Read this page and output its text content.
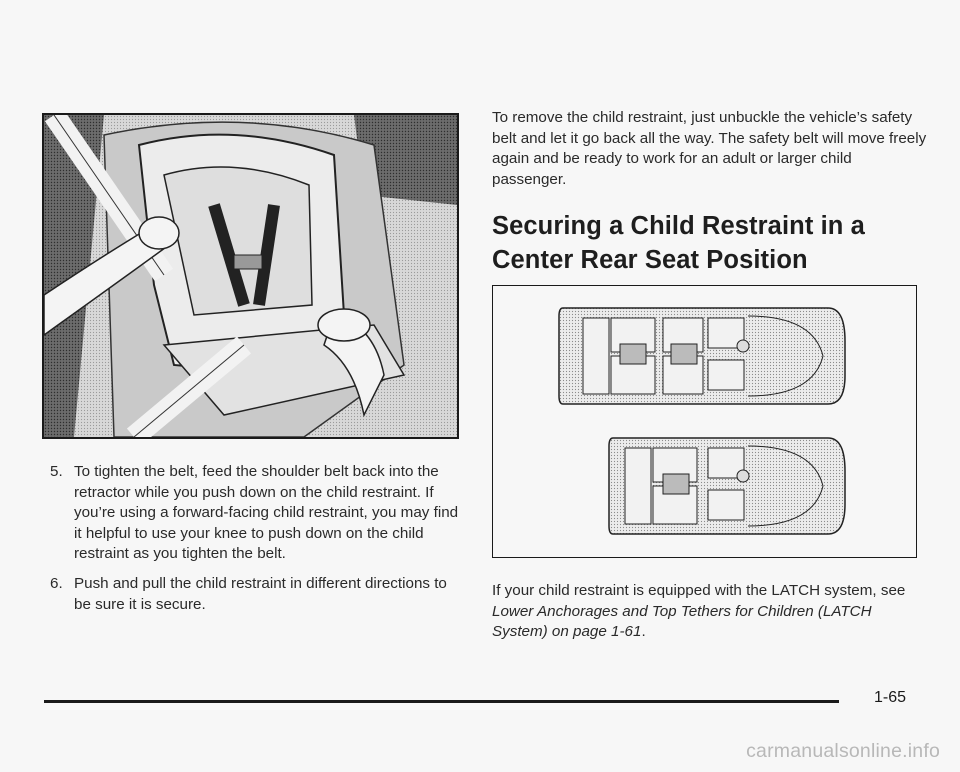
5. To tighten the belt, feed the shoulder belt back into the retractor while you push down on the child restraint. If you’re using a forward-facing child restraint, you may find it helpful to use your knee to push down on the child restraint as you tighten the belt.
6. Push and pull the child restraint in different directions to be sure it is secure.

To remove the child restraint, just unbuckle the vehicle’s safety belt and let it go back all the way. The safety belt will move freely again and be ready to work for an adult or larger child passenger.

Securing a Child Restraint in a Center Rear Seat Position

If your child restraint is equipped with the LATCH system, see Lower Anchorages and Top Tethers for Children (LATCH System) on page 1-61.

1-65
carmanualsonline.info
